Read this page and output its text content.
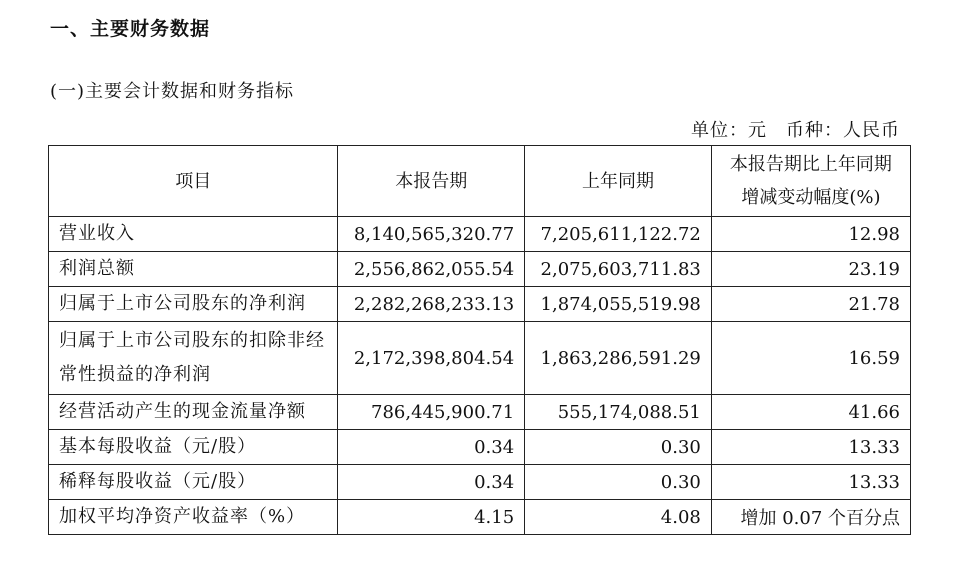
一、主要财务数据
(一)主要会计数据和财务指标
单位：元　币种：人民币
项目	本报告期	上年同期	本报告期比上年同期增减变动幅度(%)
营业收入	8,140,565,320.77	7,205,611,122.72	12.98
利润总额	2,556,862,055.54	2,075,603,711.83	23.19
归属于上市公司股东的净利润	2,282,268,233.13	1,874,055,519.98	21.78
归属于上市公司股东的扣除非经常性损益的净利润	2,172,398,804.54	1,863,286,591.29	16.59
经营活动产生的现金流量净额	786,445,900.71	555,174,088.51	41.66
基本每股收益（元/股）	0.34	0.30	13.33
稀释每股收益（元/股）	0.34	0.30	13.33
加权平均净资产收益率（%）	4.15	4.08	增加 0.07 个百分点
